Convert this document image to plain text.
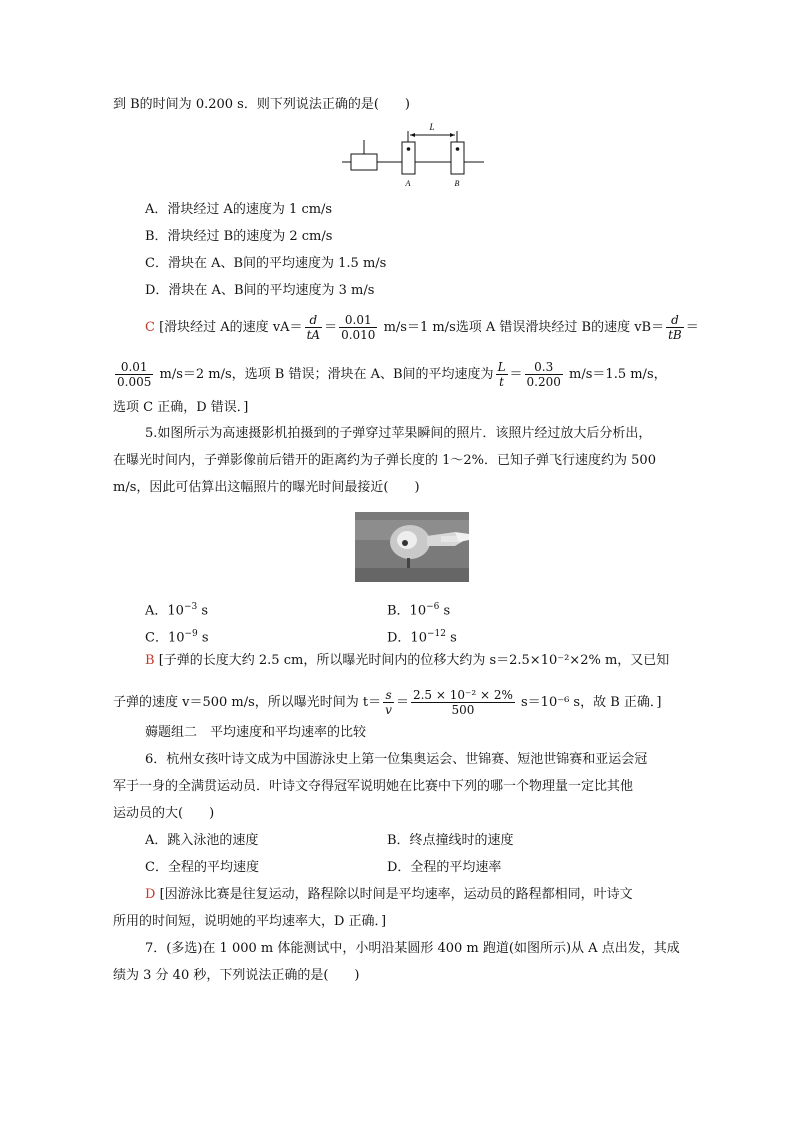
到 B的时间为 0.200 s．则下列说法正确的是(　　)
L
A	B
A．滑块经过 A的速度为 1 cm/s
B．滑块经过 B的速度为 2 cm/s
C．滑块在 A、B间的平均速度为 1.5 m/s
D．滑块在 A、B间的平均速度为 3 m/s
C [滑块经过 A的速度 $vA= \frac{d}{tA} = \frac{0.01}{0.010} m/s=1$ m/s选项 A 错误滑块经过 B的速度 $vB= \frac{d}{tB}$ ＝
$\frac{0.01}{0.005} m/s=2$ m/s，选项 B 错误；滑块在 A、B间的平均速度为 $\frac{L}{t} = \frac{0.3}{0.200} m/s=1.5$ m/s，
选项 C 正确，D 错误．]
5.如图所示为高速摄影机拍摄到的子弹穿过苹果瞬间的照片．该照片经过放大后分析出，
在曝光时间内，子弹影像前后错开的距离约为子弹长度的 1～2%．已知子弹飞行速度约为 500
m/s，因此可估算出这幅照片的曝光时间最接近(　　)
A．$10^{-3}$ s	B．$10^{-6}$ s
C．$10^{-9}$ s	D．$10^{-12}$ s
B [子弹的长度大约 2.5 cm，所以曝光时间内的位移大约为 s＝2.5×10⁻²×2% m，又已知
子弹的速度 v＝500 m/s，所以曝光时间为 $t= \frac{s}{v} = \frac{\text{2.5 × 10⁻² × 2\%}}{500} s=10^{-6}$ s，故 B 正确．]
薅题组二　平均速度和平均速率的比较
6．杭州女孩叶诗文成为中国游泳史上第一位集奥运会、世锦赛、短池世锦赛和亚运会冠
军于一身的全满贯运动员．叶诗文夺得冠军说明她在比赛中下列的哪一个物理量一定比其他
运动员的大(　　)
A．跳入泳池的速度	B．终点撞线时的速度
C．全程的平均速度	D．全程的平均速率
D [因游泳比赛是往复运动，路程除以时间是平均速率，运动员的路程都相同，叶诗文
所用的时间短，说明她的平均速率大，D 正确．]
7．(多选)在 1 000 m 体能测试中，小明沿某圆形 400 m 跑道(如图所示)从 A 点出发，其成
绩为 3 分 40 秒，下列说法正确的是(　　)
